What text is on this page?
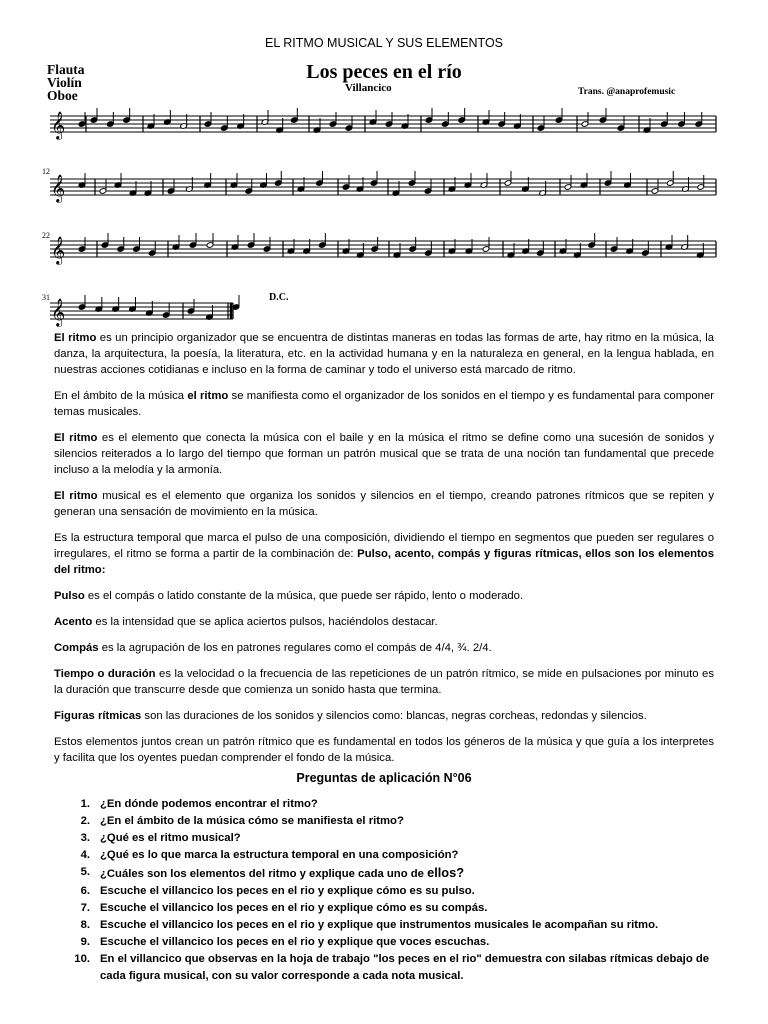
EL RITMO MUSICAL Y SUS ELEMENTOS
Flauta
Violín
Oboe
Los peces en el río
Villancico	Trans. @anaprofemusic
12
22
31	D.C.
𝄞
𝄞
𝄞
𝄞

El ritmo es un principio organizador que se encuentra de distintas maneras en todas las formas de arte, hay ritmo en la música, la danza, la arquitectura, la poesía, la literatura, etc. en la actividad humana y en la naturaleza en general, en la lengua hablada, en nuestras acciones cotidianas e incluso en la forma de caminar y todo el universo está marcado de ritmo.

En el ámbito de la música el ritmo se manifiesta como el organizador de los sonidos en el tiempo y es fundamental para componer temas musicales.

El ritmo es el elemento que conecta la música con el baile y en la música el ritmo se define como una sucesión de sonidos y silencios reiterados a lo largo del tiempo que forman un patrón musical que se trata de una noción tan fundamental que precede incluso a la melodía y la armonía.

El ritmo musical es el elemento que organiza los sonidos y silencios en el tiempo, creando patrones rítmicos que se repiten y generan una sensación de movimiento en la música.

Es la estructura temporal que marca el pulso de una composición, dividiendo el tiempo en segmentos que pueden ser regulares o irregulares, el ritmo se forma a partir de la combinación de: Pulso, acento, compás y figuras rítmicas, ellos son los elementos del ritmo:

Pulso es el compás o latido constante de la música, que puede ser rápido, lento o moderado.

Acento es la intensidad que se aplica aciertos pulsos, haciéndolos destacar.

Compás es la agrupación de los en patrones regulares como el compás de 4/4, ¾. 2/4.

Tiempo o duración es la velocidad o la frecuencia de las repeticiones de un patrón rítmico, se mide en pulsaciones por minuto es la duración que transcurre desde que comienza un sonido hasta que termina.

Figuras rítmicas son las duraciones de los sonidos y silencios como: blancas, negras corcheas, redondas y silencios.

Estos elementos juntos crean un patrón rítmico que es fundamental en todos los géneros de la música y que guía a los interpretes y facilita que los oyentes puedan comprender el fondo de la música.

Preguntas de aplicación N°06
1. ¿En dónde podemos encontrar el ritmo?
2. ¿En el ámbito de la música cómo se manifiesta el ritmo?
3. ¿Qué es el ritmo musical?
4. ¿Qué es lo que marca la estructura temporal en una composición?
5. ¿Cuáles son los elementos del ritmo y explique cada uno de ellos?
6. Escuche el villancico los peces en el rio y explique cómo es su pulso.
7. Escuche el villancico los peces en el rio y explique cómo es su compás.
8. Escuche el villancico los peces en el rio y explique que instrumentos musicales le acompañan su ritmo.
9. Escuche el villancico los peces en el rio y explique que voces escuchas.
10. En el villancico que observas en la hoja de trabajo "los peces en el rio" demuestra con silabas rítmicas debajo de cada figura musical, con su valor corresponde a cada nota musical.
